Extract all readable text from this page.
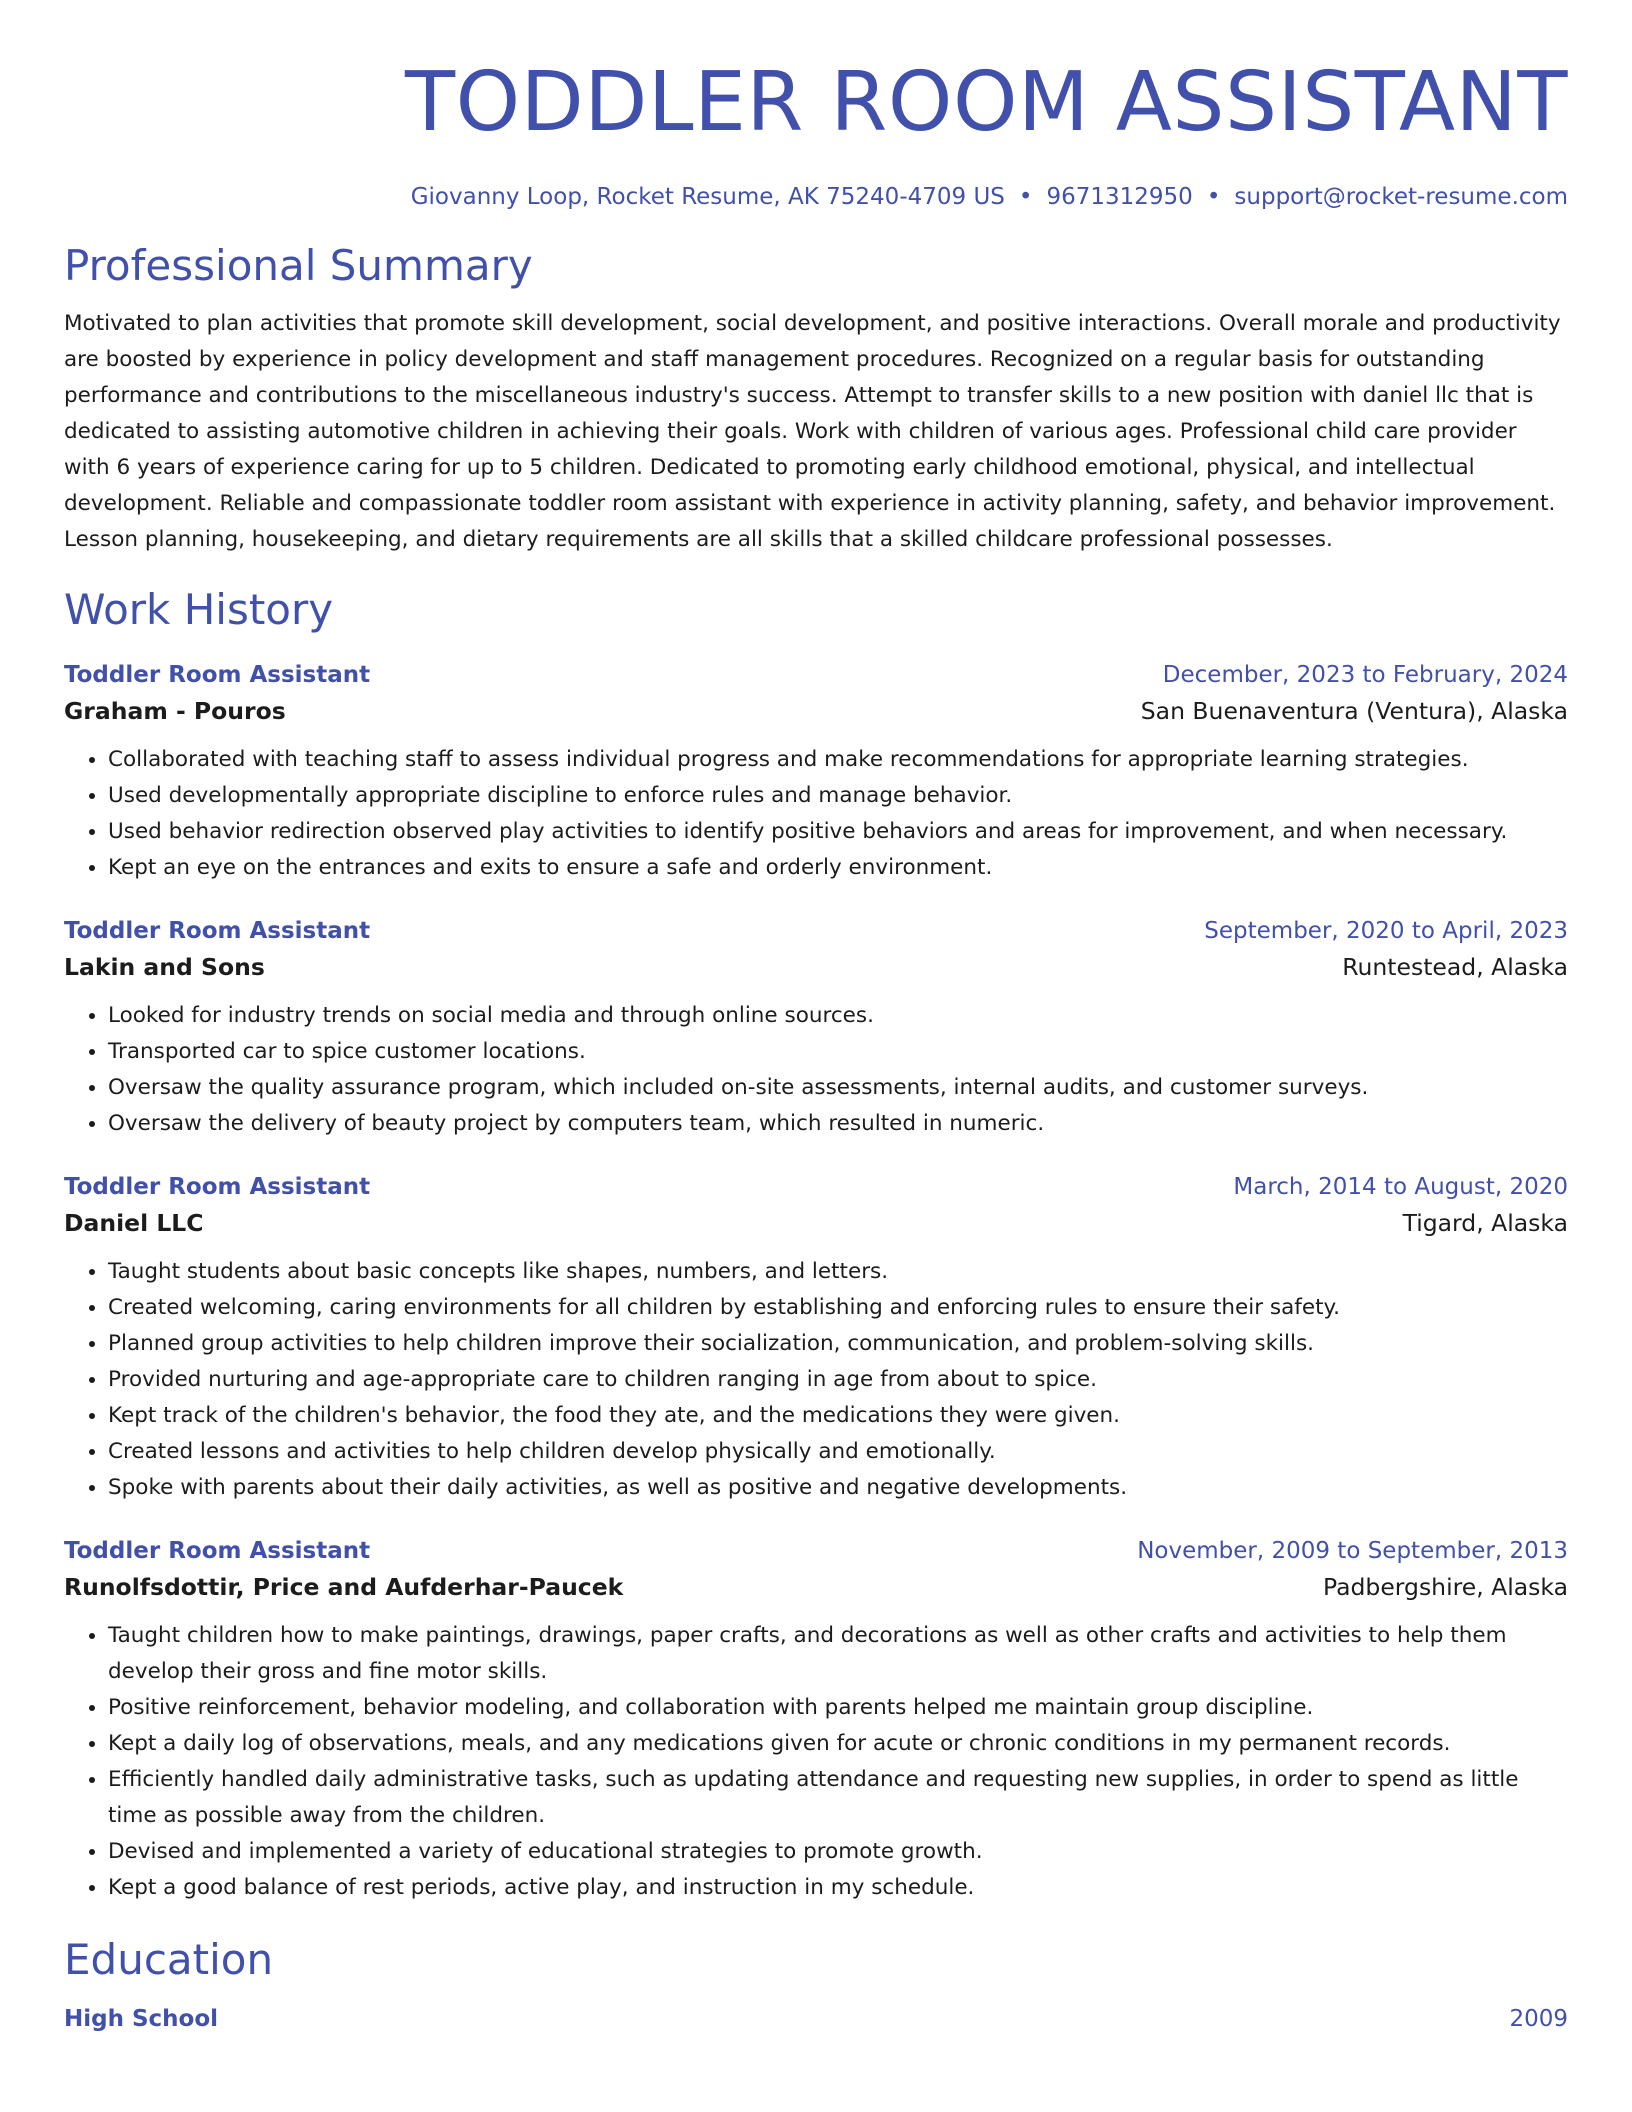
TODDLER ROOM ASSISTANT
Giovanny Loop, Rocket Resume, AK 75240-4709 US • 9671312950 • support@rocket-resume.com
Professional Summary
Motivated to plan activities that promote skill development, social development, and positive interactions. Overall morale and productivity are boosted by experience in policy development and staff management procedures. Recognized on a regular basis for outstanding performance and contributions to the miscellaneous industry's success. Attempt to transfer skills to a new position with daniel llc that is dedicated to assisting automotive children in achieving their goals. Work with children of various ages. Professional child care provider with 6 years of experience caring for up to 5 children. Dedicated to promoting early childhood emotional, physical, and intellectual development. Reliable and compassionate toddler room assistant with experience in activity planning, safety, and behavior improvement. Lesson planning, housekeeping, and dietary requirements are all skills that a skilled childcare professional possesses.
Work History
Toddler Room Assistant	December, 2023 to February, 2024
Graham - Pouros	San Buenaventura (Ventura), Alaska
• Collaborated with teaching staff to assess individual progress and make recommendations for appropriate learning strategies.
• Used developmentally appropriate discipline to enforce rules and manage behavior.
• Used behavior redirection observed play activities to identify positive behaviors and areas for improvement, and when necessary.
• Kept an eye on the entrances and exits to ensure a safe and orderly environment.
Toddler Room Assistant	September, 2020 to April, 2023
Lakin and Sons	Runtestead, Alaska
• Looked for industry trends on social media and through online sources.
• Transported car to spice customer locations.
• Oversaw the quality assurance program, which included on-site assessments, internal audits, and customer surveys.
• Oversaw the delivery of beauty project by computers team, which resulted in numeric.
Toddler Room Assistant	March, 2014 to August, 2020
Daniel LLC	Tigard, Alaska
• Taught students about basic concepts like shapes, numbers, and letters.
• Created welcoming, caring environments for all children by establishing and enforcing rules to ensure their safety.
• Planned group activities to help children improve their socialization, communication, and problem-solving skills.
• Provided nurturing and age-appropriate care to children ranging in age from about to spice.
• Kept track of the children's behavior, the food they ate, and the medications they were given.
• Created lessons and activities to help children develop physically and emotionally.
• Spoke with parents about their daily activities, as well as positive and negative developments.
Toddler Room Assistant	November, 2009 to September, 2013
Runolfsdottir, Price and Aufderhar-Paucek	Padbergshire, Alaska
• Taught children how to make paintings, drawings, paper crafts, and decorations as well as other crafts and activities to help them develop their gross and fine motor skills.
• Positive reinforcement, behavior modeling, and collaboration with parents helped me maintain group discipline.
• Kept a daily log of observations, meals, and any medications given for acute or chronic conditions in my permanent records.
• Efficiently handled daily administrative tasks, such as updating attendance and requesting new supplies, in order to spend as little time as possible away from the children.
• Devised and implemented a variety of educational strategies to promote growth.
• Kept a good balance of rest periods, active play, and instruction in my schedule.
Education
High School	2009
